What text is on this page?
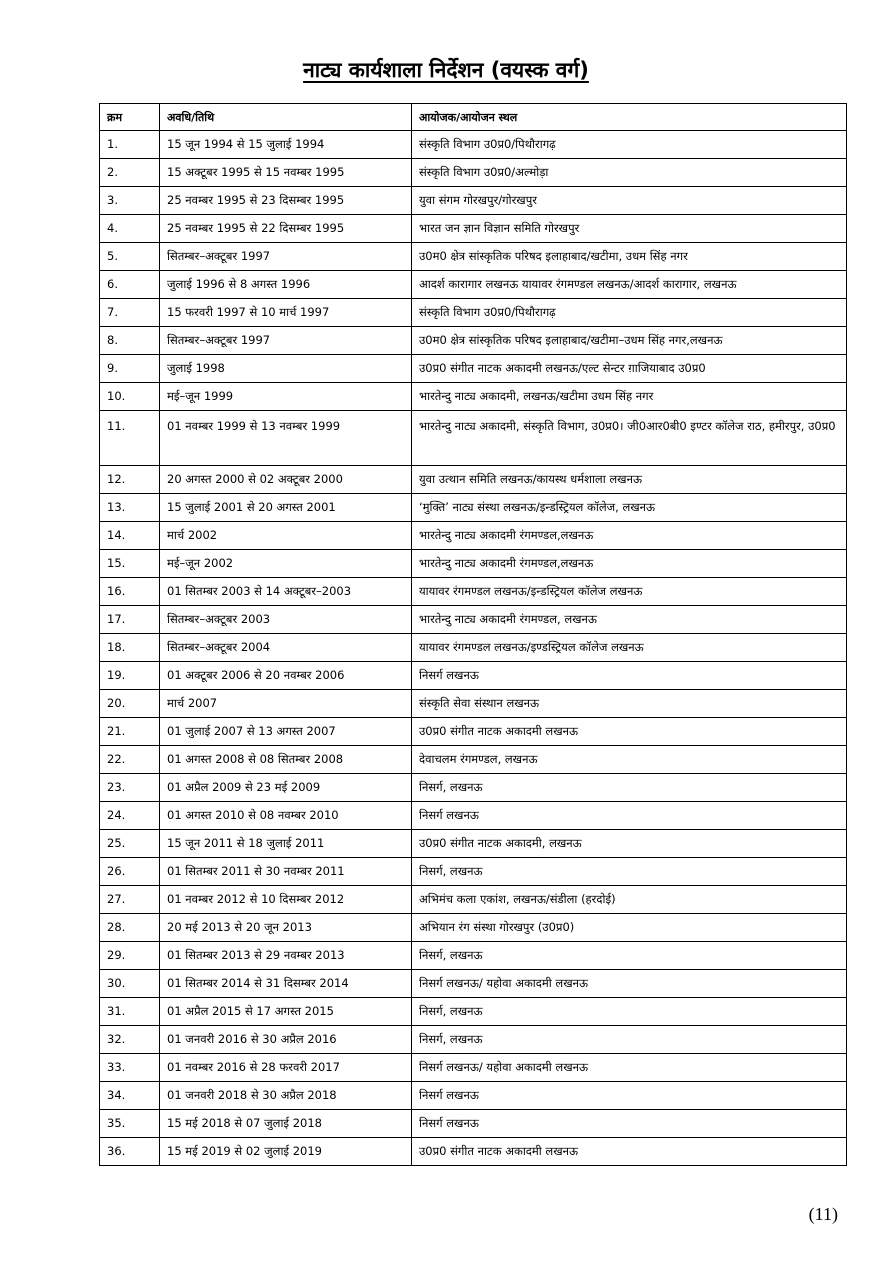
नाट्य कार्यशाला निर्देशन (वयस्क वर्ग)
क्रम	अवधि/तिथि	आयोजक/आयोजन स्थल
1.	15 जून 1994 से 15 जुलाई 1994	संस्कृति विभाग उ0प्र0/पिथौरागढ़
2.	15 अक्टूबर 1995 से 15 नवम्बर 1995	संस्कृति विभाग उ0प्र0/अल्मोड़ा
3.	25 नवम्बर 1995 से 23 दिसम्बर 1995	युवा संगम गोरखपुर/गोरखपुर
4.	25 नवम्बर 1995 से 22 दिसम्बर 1995	भारत जन ज्ञान विज्ञान समिति गोरखपुर
5.	सितम्बर–अक्टूबर 1997	उ0म0 क्षेत्र सांस्कृतिक परिषद इलाहाबाद/खटीमा, उधम सिंह नगर
6.	जुलाई 1996 से 8 अगस्त 1996	आदर्श कारागार लखनऊ यायावर रंगमण्डल लखनऊ/आदर्श कारागार, लखनऊ
7.	15 फरवरी 1997 से 10 मार्च 1997	संस्कृति विभाग उ0प्र0/पिथौरागढ़
8.	सितम्बर–अक्टूबर 1997	उ0म0 क्षेत्र सांस्कृतिक परिषद इलाहाबाद/खटीमा–उधम सिंह नगर,लखनऊ
9.	जुलाई 1998	उ0प्र0 संगीत नाटक अकादमी लखनऊ/एल्ट सेन्टर ग़ाजियाबाद उ0प्र0
10.	मई–जून 1999	भारतेन्दु नाट्य अकादमी, लखनऊ/खटीमा उधम सिंह नगर
11.	01 नवम्बर 1999 से 13 नवम्बर 1999	भारतेन्दु नाट्य अकादमी, संस्कृति विभाग, उ0प्र0। जी0आर0बी0 इण्टर कॉलेज राठ, हमीरपुर, उ0प्र0
12.	20 अगस्त 2000 से 02 अक्टूबर 2000	युवा उत्थान समिति लखनऊ/कायस्थ धर्मशाला लखनऊ
13.	15 जुलाई 2001 से 20 अगस्त 2001	‘मुक्ति’ नाट्य संस्था लखनऊ/इन्डस्ट्रियल कॉलेज, लखनऊ
14.	मार्च 2002	भारतेन्दु नाट्य अकादमी रंगमण्डल,लखनऊ
15.	मई–जून 2002	भारतेन्दु नाट्य अकादमी रंगमण्डल,लखनऊ
16.	01 सितम्बर 2003 से 14 अक्टूबर–2003	यायावर रंगमण्डल लखनऊ/इन्डस्ट्रियल कॉलेज लखनऊ
17.	सितम्बर–अक्टूबर 2003	भारतेन्दु नाट्य अकादमी रंगमण्डल, लखनऊ
18.	सितम्बर–अक्टूबर 2004	यायावर रंगमण्डल लखनऊ/इण्डस्ट्रियल कॉलेज लखनऊ
19.	01 अक्टूबर 2006 से 20 नवम्बर 2006	निसर्ग लखनऊ
20.	मार्च 2007	संस्कृति सेवा संस्थान लखनऊ
21.	01 जुलाई 2007 से 13 अगस्त 2007	उ0प्र0 संगीत नाटक अकादमी लखनऊ
22.	01 अगस्त 2008 से 08 सितम्बर 2008	देवाचलम रंगमण्डल, लखनऊ
23.	01 अप्रैल 2009 से 23 मई 2009	निसर्ग, लखनऊ
24.	01 अगस्त 2010 से 08 नवम्बर 2010	निसर्ग लखनऊ
25.	15 जून 2011 से 18 जुलाई 2011	उ0प्र0 संगीत नाटक अकादमी, लखनऊ
26.	01 सितम्बर 2011 से 30 नवम्बर 2011	निसर्ग, लखनऊ
27.	01 नवम्बर 2012 से 10 दिसम्बर 2012	अभिमंच कला एकांश, लखनऊ/संडीला (हरदोई)
28.	20 मई 2013 से 20 जून 2013	अभियान रंग संस्था गोरखपुर (उ0प्र0)
29.	01 सितम्बर 2013 से 29 नवम्बर 2013	निसर्ग, लखनऊ
30.	01 सितम्बर 2014 से 31 दिसम्बर 2014	निसर्ग लखनऊ/ यहोवा अकादमी लखनऊ
31.	01 अप्रैल 2015 से 17 अगस्त 2015	निसर्ग, लखनऊ
32.	01 जनवरी 2016 से 30 अप्रैल 2016	निसर्ग, लखनऊ
33.	01 नवम्बर 2016 से 28 फरवरी 2017	निसर्ग लखनऊ/ यहोवा अकादमी लखनऊ
34.	01 जनवरी 2018 से 30 अप्रैल 2018	निसर्ग लखनऊ
35.	15 मई 2018 से 07 जुलाई 2018	निसर्ग लखनऊ
36.	15 मई 2019 से 02 जुलाई 2019	उ0प्र0 संगीत नाटक अकादमी लखनऊ
(11)
